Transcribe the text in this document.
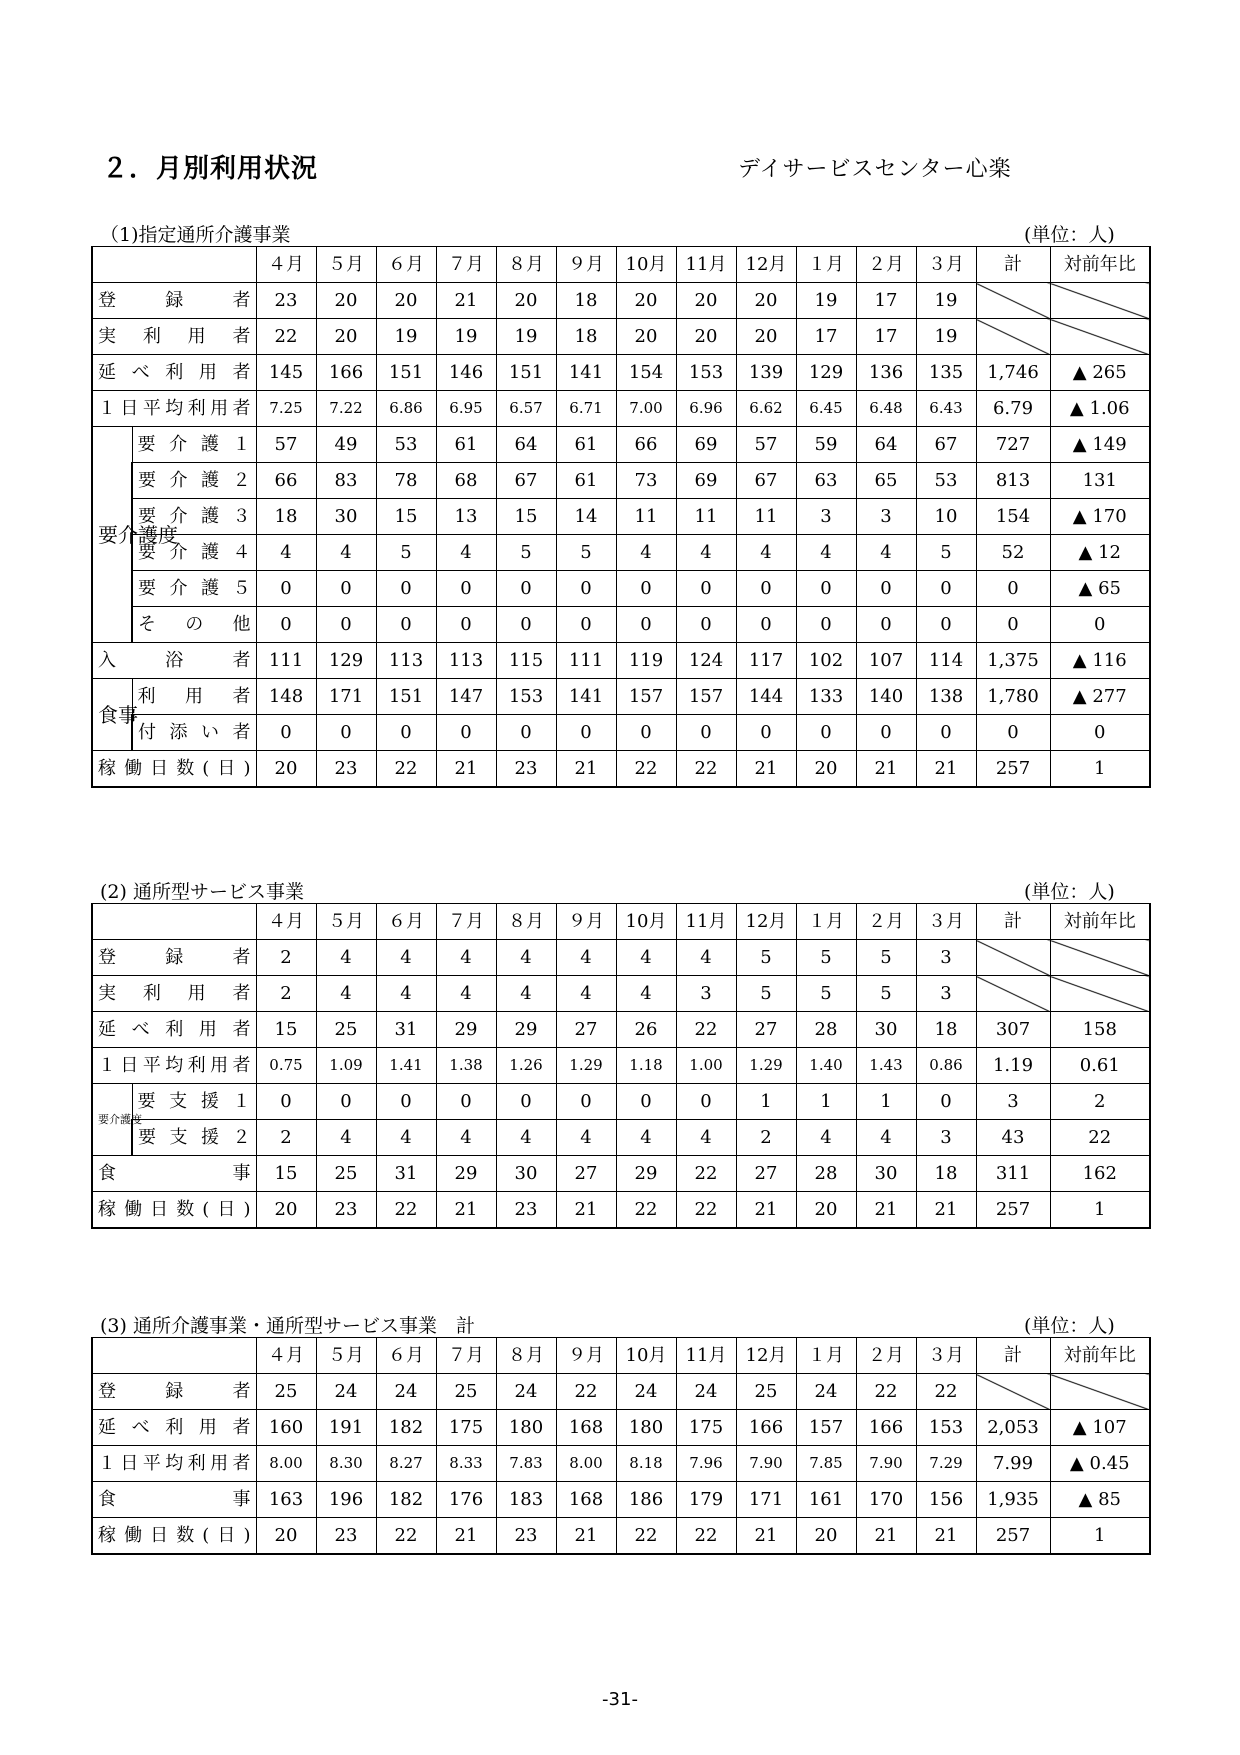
２．月別利用状況	デイサービスセンター心楽
（1)指定通所介護事業	(単位：人)
		４月	５月	６月	７月	８月	９月	10月	11月	12月	１月	２月	３月	計	対前年比
登　録　者		23	20	20	21	20	18	20	20	20	19	17	19		
実　利　用　者		22	20	19	19	19	18	20	20	20	17	17	19		
延 べ 利 用 者		145	166	151	146	151	141	154	153	139	129	136	135	1,746	▲ 265
１日平均利用者		7.25	7.22	6.86	6.95	6.57	6.71	7.00	6.96	6.62	6.45	6.48	6.43	6.79	▲ 1.06
要介護度	要 介 護 １	57	49	53	61	64	61	66	69	57	59	64	67	727	▲ 149
	要 介 護 ２	66	83	78	68	67	61	73	69	67	63	65	53	813	131
	要 介 護 ３	18	30	15	13	15	14	11	11	11	3	3	10	154	▲ 170
	要 介 護 ４	4	4	5	4	5	5	4	4	4	4	4	5	52	▲ 12
	要 介 護 ５	0	0	0	0	0	0	0	0	0	0	0	0	0	▲ 65
	そ　の　他	0	0	0	0	0	0	0	0	0	0	0	0	0	0
入　　浴　　者		111	129	113	113	115	111	119	124	117	102	107	114	1,375	▲ 116
食事	利　用　者	148	171	151	147	153	141	157	157	144	133	140	138	1,780	▲ 277
	付 添 い 者	0	0	0	0	0	0	0	0	0	0	0	0	0	0
稼働日数(日)		20	23	22	21	23	21	22	22	21	20	21	21	257	1
(2) 通所型サービス事業	(単位：人)
		４月	５月	６月	７月	８月	９月	10月	11月	12月	１月	２月	３月	計	対前年比
登　録　者		2	4	4	4	4	4	4	4	5	5	5	3		
実　利　用　者		2	4	4	4	4	4	4	3	5	5	5	3		
延 べ 利 用 者		15	25	31	29	29	27	26	22	27	28	30	18	307	158
１日平均利用者		0.75	1.09	1.41	1.38	1.26	1.29	1.18	1.00	1.29	1.40	1.43	0.86	1.19	0.61
要介護度	要 支 援 １	0	0	0	0	0	0	0	0	1	1	1	0	3	2
	要 支 援 ２	2	4	4	4	4	4	4	4	2	4	4	3	43	22
食　　　　事		15	25	31	29	30	27	29	22	27	28	30	18	311	162
稼働日数(日)		20	23	22	21	23	21	22	22	21	20	21	21	257	1
(3) 通所介護事業・通所型サービス事業　計	(単位：人)
	４月	５月	６月	７月	８月	９月	10月	11月	12月	１月	２月	３月	計	対前年比
登　録　者	25	24	24	25	24	22	24	24	25	24	22	22		
延 べ 利 用 者	160	191	182	175	180	168	180	175	166	157	166	153	2,053	▲ 107
１日平均利用者	8.00	8.30	8.27	8.33	7.83	8.00	8.18	7.96	7.90	7.85	7.90	7.29	7.99	▲ 0.45
食　　　　事	163	196	182	176	183	168	186	179	171	161	170	156	1,935	▲ 85
稼働日数(日)	20	23	22	21	23	21	22	22	21	20	21	21	257	1
-31-
